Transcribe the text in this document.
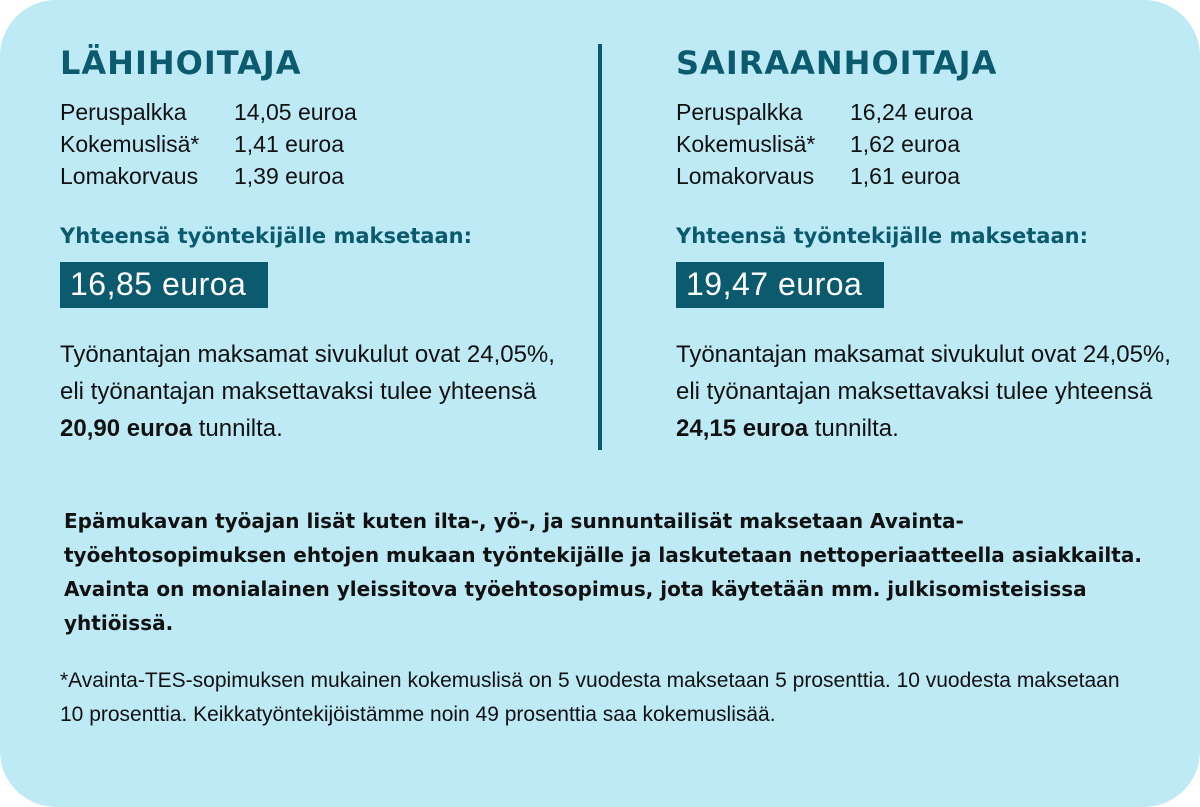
LÄHIHOITAJA
Peruspalkka	14,05 euroa
Kokemuslisä*	1,41 euroa
Lomakorvaus	1,39 euroa
Yhteensä työntekijälle maksetaan:
16,85 euroa
Työnantajan maksamat sivukulut ovat 24,05%, eli työnantajan maksettavaksi tulee yhteensä 20,90 euroa tunnilta.
SAIRAANHOITAJA
Peruspalkka	16,24 euroa
Kokemuslisä*	1,62 euroa
Lomakorvaus	1,61 euroa
Yhteensä työntekijälle maksetaan:
19,47 euroa
Työnantajan maksamat sivukulut ovat 24,05%, eli työnantajan maksettavaksi tulee yhteensä 24,15 euroa tunnilta.
Epämukavan työajan lisät kuten ilta-, yö-, ja sunnuntailisät maksetaan Avainta-työehtosopimuksen ehtojen mukaan työntekijälle ja laskutetaan nettoperiaatteella asiakkailta. Avainta on monialainen yleissitova työehtosopimus, jota käytetään mm. julkisomisteisissa yhtiöissä.
*Avainta-TES-sopimuksen mukainen kokemuslisä on 5 vuodesta maksetaan 5 prosenttia. 10 vuodesta maksetaan 10 prosenttia. Keikkatyöntekijöistämme noin 49 prosenttia saa kokemuslisää.
